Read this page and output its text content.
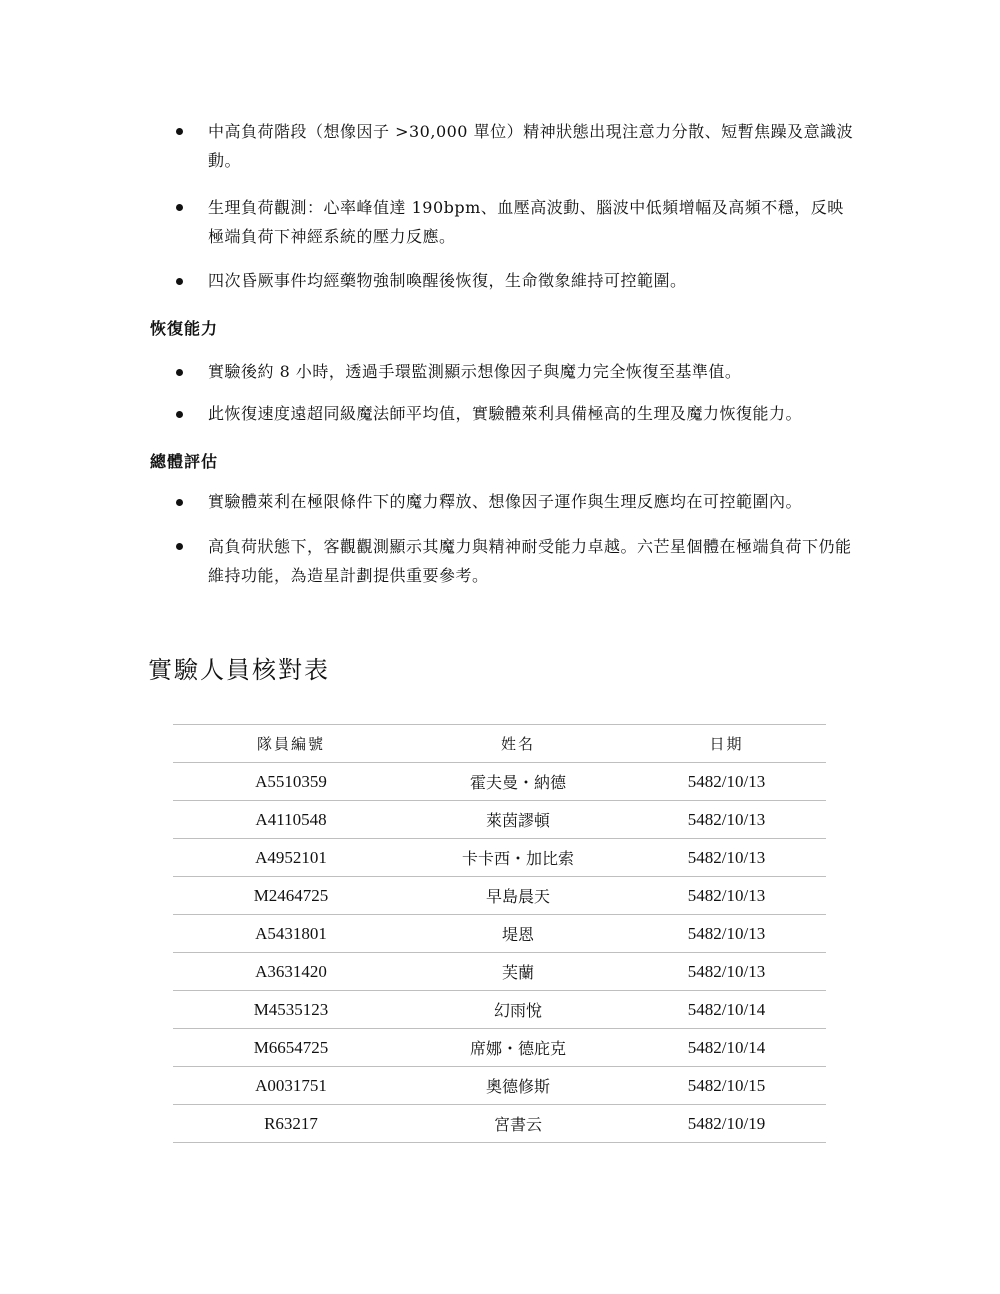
中高負荷階段（想像因子 >30,000 單位）精神狀態出現注意力分散、短暫焦躁及意識波動。
生理負荷觀測：心率峰值達 190bpm、血壓高波動、腦波中低頻增幅及高頻不穩，反映極端負荷下神經系統的壓力反應。
四次昏厥事件均經藥物強制喚醒後恢復，生命徵象維持可控範圍。
恢復能力
實驗後約 8 小時，透過手環監測顯示想像因子與魔力完全恢復至基準值。
此恢復速度遠超同級魔法師平均值，實驗體萊利具備極高的生理及魔力恢復能力。
總體評估
實驗體萊利在極限條件下的魔力釋放、想像因子運作與生理反應均在可控範圍內。
高負荷狀態下，客觀觀測顯示其魔力與精神耐受能力卓越。六芒星個體在極端負荷下仍能維持功能，為造星計劃提供重要參考。
實驗人員核對表
隊員編號	姓名	日期
A5510359	霍夫曼・納德	5482/10/13
A4110548	萊茵謬頓	5482/10/13
A4952101	卡卡西・加比索	5482/10/13
M2464725	早島晨天	5482/10/13
A5431801	堤恩	5482/10/13
A3631420	芙蘭	5482/10/13
M4535123	幻雨悅	5482/10/14
M6654725	席娜・德庇克	5482/10/14
A0031751	奧德修斯	5482/10/15
R63217	宮書云	5482/10/19
